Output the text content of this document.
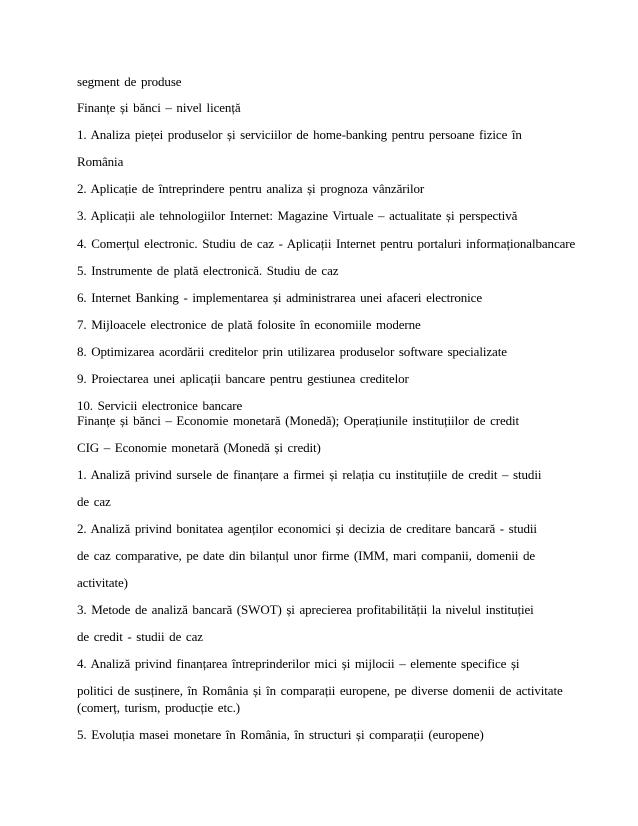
segment de produse

Finanțe și bănci – nivel licență

1. Analiza pieței produselor și serviciilor de home-banking pentru persoane fizice în

România

2. Aplicație de întreprindere pentru analiza și prognoza vânzărilor

3. Aplicații ale tehnologiilor Internet: Magazine Virtuale – actualitate și perspectivă

4. Comerțul electronic. Studiu de caz - Aplicații Internet pentru portaluri informaționalbancare

5. Instrumente de plată electronică. Studiu de caz

6. Internet Banking - implementarea și administrarea unei afaceri electronice

7. Mijloacele electronice de plată folosite în economiile moderne

8. Optimizarea acordării creditelor prin utilizarea produselor software specializate

9. Proiectarea unei aplicații bancare pentru gestiunea creditelor

10. Servicii electronice bancare

Finanțe și bănci – Economie monetară (Monedă); Operațiunile instituțiilor de credit

CIG – Economie monetară (Monedă și credit)

1. Analiză privind sursele de finanțare a firmei și relația cu instituțiile de credit – studii

de caz

2. Analiză privind bonitatea agenților economici și decizia de creditare bancară - studii

de caz comparative, pe date din bilanțul unor firme (IMM, mari companii, domenii de

activitate)

3. Metode de analiză bancară (SWOT) și aprecierea profitabilității la nivelul instituției

de credit - studii de caz

4. Analiză privind finanțarea întreprinderilor mici și mijlocii – elemente specifice și

politici de susținere, în România și în comparații europene, pe diverse domenii de activitate

(comerț, turism, producție etc.)

5. Evoluția masei monetare în România, în structuri și comparații (europene)
